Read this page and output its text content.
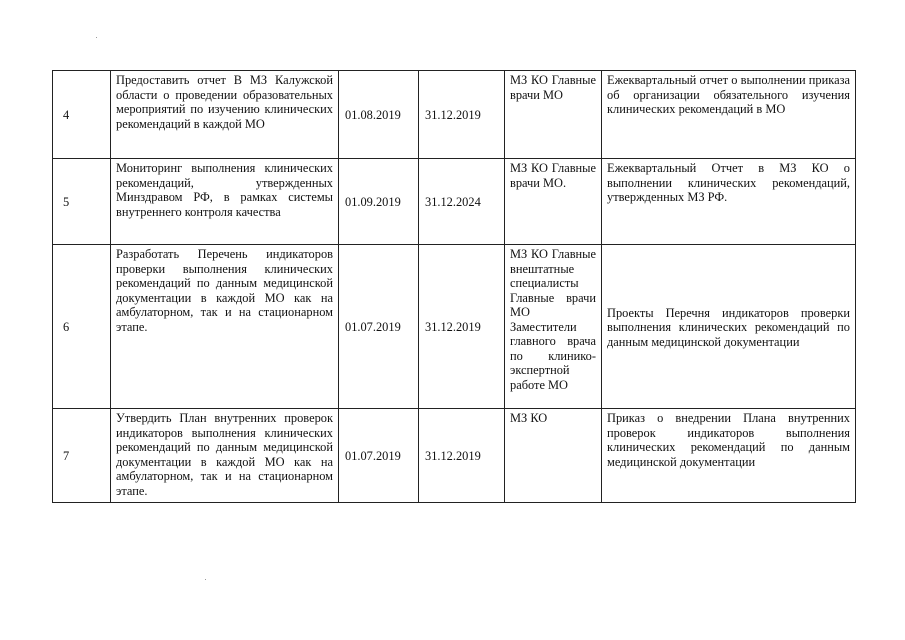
4	Предоставить отчет В МЗ Калужской области о проведении образовательных мероприятий по изучению клинических рекомендаций в каждой МО	01.08.2019	31.12.2019	МЗ КО Главные врачи МО	Ежеквартальный отчет о выполнении приказа об организации обязательного изучения клинических рекомендаций в МО
5	Мониторинг выполнения клинических рекомендаций, утвержденных Минздравом РФ, в рамках системы внутреннего контроля качества	01.09.2019	31.12.2024	МЗ КО Главные врачи МО.	Ежеквартальный Отчет в МЗ КО о выполнении клинических рекомендаций, утвержденных МЗ РФ.
6	Разработать Перечень индикаторов проверки выполнения клинических рекомендаций по данным медицинской документации в каждой МО как на амбулаторном, так и на стационарном этапе.	01.07.2019	31.12.2019	МЗ КО Главные внештатные специалисты Главные врачи МО Заместители главного врача по клинико-экспертной работе МО	Проекты Перечня индикаторов проверки выполнения клинических рекомендаций по данным медицинской документации
7	Утвердить План внутренних проверок индикаторов выполнения клинических рекомендаций по данным медицинской документации в каждой МО как на амбулаторном, так и на стационарном этапе.	01.07.2019	31.12.2019	МЗ КО	Приказ о внедрении Плана внутренних проверок индикаторов выполнения клинических рекомендаций по данным медицинской документации
